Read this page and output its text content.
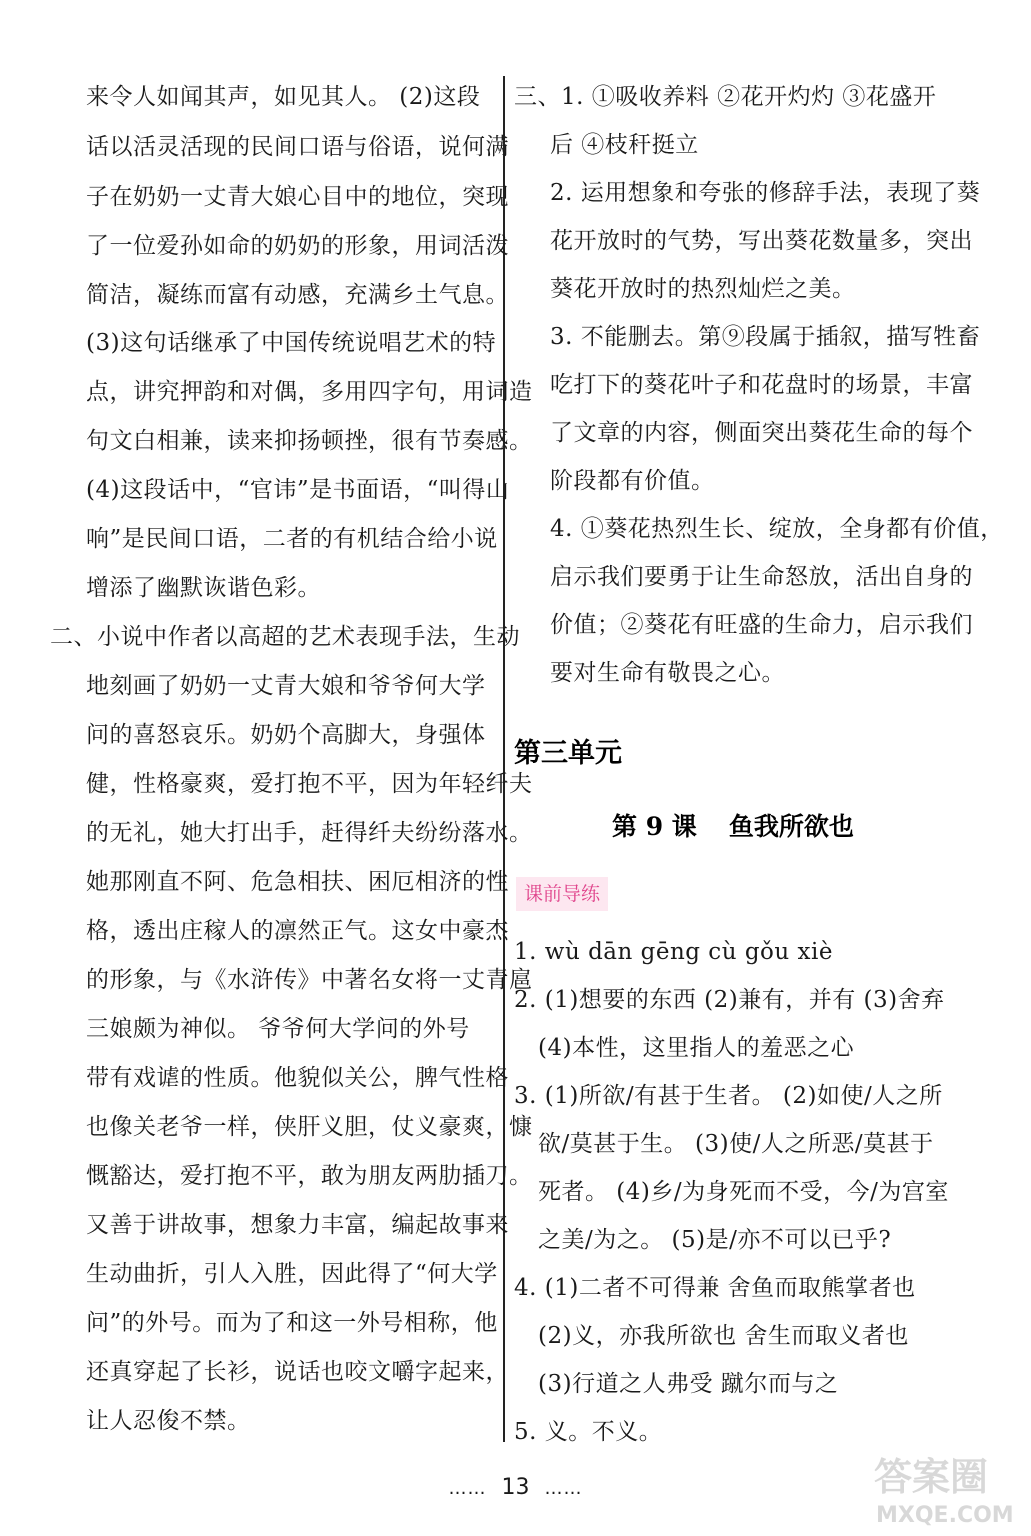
来令人如闻其声，如见其人。 (2)这段
话以活灵活现的民间口语与俗语，说何满
子在奶奶一丈青大娘心目中的地位，突现
了一位爱孙如命的奶奶的形象，用词活泼
简洁，凝练而富有动感，充满乡土气息。
(3)这句话继承了中国传统说唱艺术的特
点，讲究押韵和对偶，多用四字句，用词造
句文白相兼，读来抑扬顿挫，很有节奏感。
(4)这段话中，“官讳”是书面语，“叫得山
响”是民间口语，二者的有机结合给小说
增添了幽默诙谐色彩。
二、小说中作者以高超的艺术表现手法，生动
地刻画了奶奶一丈青大娘和爷爷何大学
问的喜怒哀乐。奶奶个高脚大，身强体
健，性格豪爽，爱打抱不平，因为年轻纤夫
的无礼，她大打出手，赶得纤夫纷纷落水。
她那刚直不阿、危急相扶、困厄相济的性
格，透出庄稼人的凛然正气。这女中豪杰
的形象，与《水浒传》中著名女将一丈青扈
三娘颇为神似。 爷爷何大学问的外号
带有戏谑的性质。他貌似关公，脾气性格
也像关老爷一样，侠肝义胆，仗义豪爽，慷
慨豁达，爱打抱不平，敢为朋友两肋插刀。
又善于讲故事，想象力丰富，编起故事来
生动曲折，引人入胜，因此得了“何大学
问”的外号。而为了和这一外号相称，他
还真穿起了长衫，说话也咬文嚼字起来，
让人忍俊不禁。
三、1. ①吸收养料 ②花开灼灼 ③花盛开
后 ④枝秆挺立
2. 运用想象和夸张的修辞手法，表现了葵
花开放时的气势，写出葵花数量多，突出
葵花开放时的热烈灿烂之美。
3. 不能删去。第⑨段属于插叙，描写牲畜
吃打下的葵花叶子和花盘时的场景，丰富
了文章的内容，侧面突出葵花生命的每个
阶段都有价值。
4. ①葵花热烈生长、绽放，全身都有价值，
启示我们要勇于让生命怒放，活出自身的
价值；②葵花有旺盛的生命力，启示我们
要对生命有敬畏之心。
第三单元
第 9 课 鱼我所欲也
课前导练
1. wù dān gēng cù gǒu xiè
2. (1)想要的东西 (2)兼有，并有 (3)舍弃
(4)本性，这里指人的羞恶之心
3. (1)所欲/有甚于生者。 (2)如使/人之所
欲/莫甚于生。 (3)使/人之所恶/莫甚于
死者。 (4)乡/为身死而不受，今/为宫室
之美/为之。 (5)是/亦不可以已乎?
4. (1)二者不可得兼 舍鱼而取熊掌者也
(2)义，亦我所欲也 舍生而取义者也
(3)行道之人弗受 蹴尔而与之
5. 义。不义。
…… 13 ……	答案圈
MXQE.COM
